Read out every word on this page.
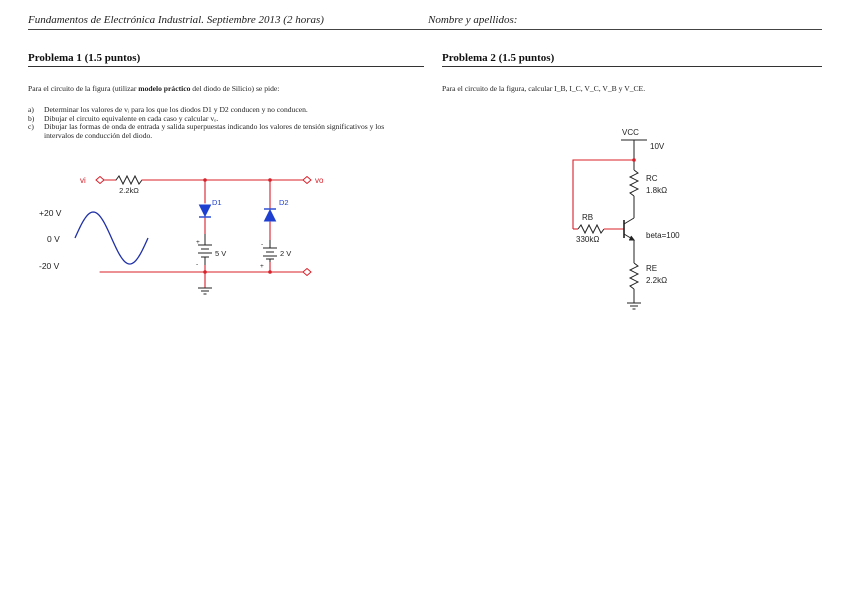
Fundamentos de Electrónica Industrial. Septiembre 2013 (2 horas)	Nombre y apellidos:
Problema 1 (1.5 puntos)
Para el circuito de la figura (utilizar modelo práctico del diodo de Silicio) se pide:
a)	Determinar los valores de vᵢ para los que los diodos D1 y D2 conducen y no conducen.
b)	Dibujar el circuito equivalente en cada caso y calcular vₒ.
c)	Dibujar las formas de onda de entrada y salida superpuestas indicando los valores de tensión significativos y los intervalos de conducción del diodo.
vi	vo
2.2kΩ
D1	D2
5 V	2 V
+
-
-
+
+20 V
0 V
-20 V
Problema 2 (1.5 puntos)
Para el circuito de la figura, calcular I_B, I_C, V_C, V_B y V_CE.
VCC
10V
RC
1.8kΩ
RB
330kΩ	beta=100
RE
2.2kΩ
